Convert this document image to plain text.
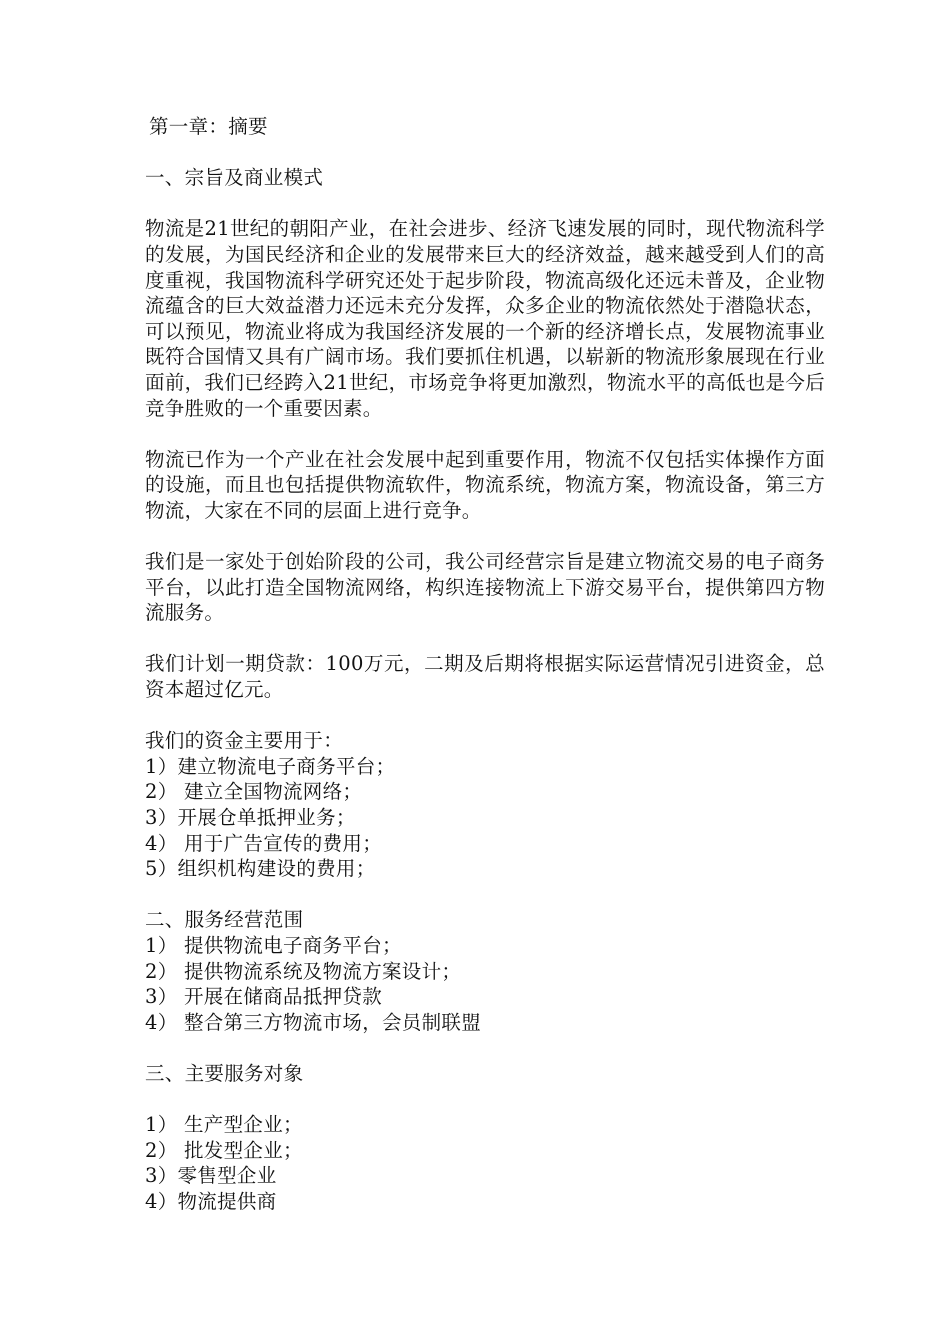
第一章：摘要

一、宗旨及商业模式

物流是21世纪的朝阳产业，在社会进步、经济飞速发展的同时，现代物流科学的发展，为国民经济和企业的发展带来巨大的经济效益，越来越受到人们的高度重视，我国物流科学研究还处于起步阶段，物流高级化还远未普及，企业物流蕴含的巨大效益潜力还远未充分发挥，众多企业的物流依然处于潜隐状态，可以预见，物流业将成为我国经济发展的一个新的经济增长点，发展物流事业既符合国情又具有广阔市场。我们要抓住机遇，以崭新的物流形象展现在行业面前，我们已经跨入21世纪，市场竞争将更加激烈，物流水平的高低也是今后竞争胜败的一个重要因素。

物流已作为一个产业在社会发展中起到重要作用，物流不仅包括实体操作方面的设施，而且也包括提供物流软件，物流系统，物流方案，物流设备，第三方物流，大家在不同的层面上进行竞争。

我们是一家处于创始阶段的公司，我公司经营宗旨是建立物流交易的电子商务平台，以此打造全国物流网络，构织连接物流上下游交易平台，提供第四方物流服务。

我们计划一期贷款：100万元，二期及后期将根据实际运营情况引进资金，总资本超过亿元。

我们的资金主要用于：

1）建立物流电子商务平台；
2） 建立全国物流网络；
3）开展仓单抵押业务；
4） 用于广告宣传的费用；
5）组织机构建设的费用；

二、服务经营范围

1） 提供物流电子商务平台；
2） 提供物流系统及物流方案设计；
3） 开展在储商品抵押贷款
4） 整合第三方物流市场，会员制联盟

三、主要服务对象

1） 生产型企业；
2） 批发型企业；
3）零售型企业
4）物流提供商
